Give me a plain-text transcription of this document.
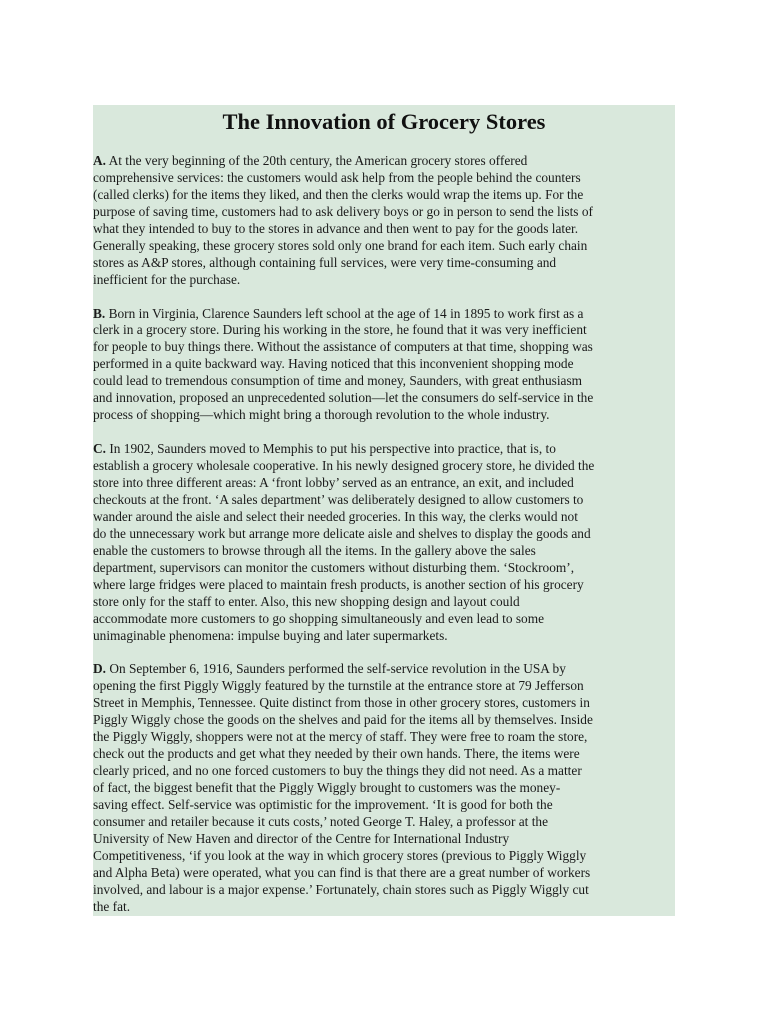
The Innovation of Grocery Stores

A. At the very beginning of the 20th century, the American grocery stores offered
comprehensive services: the customers would ask help from the people behind the counters
(called clerks) for the items they liked, and then the clerks would wrap the items up. For the
purpose of saving time, customers had to ask delivery boys or go in person to send the lists of
what they intended to buy to the stores in advance and then went to pay for the goods later.
Generally speaking, these grocery stores sold only one brand for each item. Such early chain
stores as A&P stores, although containing full services, were very time-consuming and
inefficient for the purchase.

B. Born in Virginia, Clarence Saunders left school at the age of 14 in 1895 to work first as a
clerk in a grocery store. During his working in the store, he found that it was very inefficient
for people to buy things there. Without the assistance of computers at that time, shopping was
performed in a quite backward way. Having noticed that this inconvenient shopping mode
could lead to tremendous consumption of time and money, Saunders, with great enthusiasm
and innovation, proposed an unprecedented solution—let the consumers do self-service in the
process of shopping—which might bring a thorough revolution to the whole industry.

C. In 1902, Saunders moved to Memphis to put his perspective into practice, that is, to
establish a grocery wholesale cooperative. In his newly designed grocery store, he divided the
store into three different areas: A ‘front lobby’ served as an entrance, an exit, and included
checkouts at the front. ‘A sales department’ was deliberately designed to allow customers to
wander around the aisle and select their needed groceries. In this way, the clerks would not
do the unnecessary work but arrange more delicate aisle and shelves to display the goods and
enable the customers to browse through all the items. In the gallery above the sales
department, supervisors can monitor the customers without disturbing them. ‘Stockroom’,
where large fridges were placed to maintain fresh products, is another section of his grocery
store only for the staff to enter. Also, this new shopping design and layout could
accommodate more customers to go shopping simultaneously and even lead to some
unimaginable phenomena: impulse buying and later supermarkets.

D. On September 6, 1916, Saunders performed the self-service revolution in the USA by
opening the first Piggly Wiggly featured by the turnstile at the entrance store at 79 Jefferson
Street in Memphis, Tennessee. Quite distinct from those in other grocery stores, customers in
Piggly Wiggly chose the goods on the shelves and paid for the items all by themselves. Inside
the Piggly Wiggly, shoppers were not at the mercy of staff. They were free to roam the store,
check out the products and get what they needed by their own hands. There, the items were
clearly priced, and no one forced customers to buy the things they did not need. As a matter
of fact, the biggest benefit that the Piggly Wiggly brought to customers was the money-
saving effect. Self-service was optimistic for the improvement. ‘It is good for both the
consumer and retailer because it cuts costs,’ noted George T. Haley, a professor at the
University of New Haven and director of the Centre for International Industry
Competitiveness, ‘if you look at the way in which grocery stores (previous to Piggly Wiggly
and Alpha Beta) were operated, what you can find is that there are a great number of workers
involved, and labour is a major expense.’ Fortunately, chain stores such as Piggly Wiggly cut
the fat.
